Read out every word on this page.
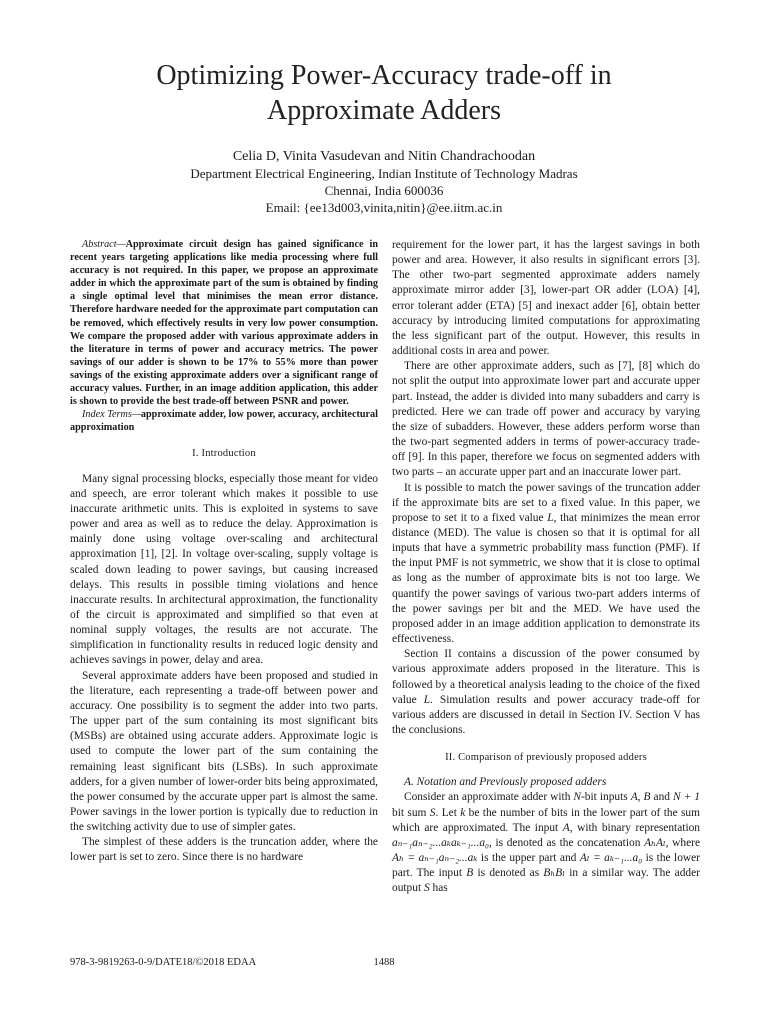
Optimizing Power-Accuracy trade-off in
Approximate Adders
Celia D, Vinita Vasudevan and Nitin Chandrachoodan
Department Electrical Engineering, Indian Institute of Technology Madras
Chennai, India 600036
Email: {ee13d003,vinita,nitin}@ee.iitm.ac.in

Abstract—Approximate circuit design has gained significance in recent years targeting applications like media processing where full accuracy is not required. In this paper, we propose an approximate adder in which the approximate part of the sum is obtained by finding a single optimal level that minimises the mean error distance. Therefore hardware needed for the approximate part computation can be removed, which effectively results in very low power consumption. We compare the proposed adder with various approximate adders in the literature in terms of power and accuracy metrics. The power savings of our adder is shown to be 17% to 55% more than power savings of the existing approximate adders over a significant range of accuracy values. Further, in an image addition application, this adder is shown to provide the best trade-off between PSNR and power.

Index Terms—approximate adder, low power, accuracy, architectural approximation

I. Introduction

Many signal processing blocks, especially those meant for video and speech, are error tolerant which makes it possible to use inaccurate arithmetic units. This is exploited in systems to save power and area as well as to reduce the delay. Approximation is mainly done using voltage over-scaling and architectural approximation [1], [2]. In voltage over-scaling, supply voltage is scaled down leading to power savings, but causing increased delays. This results in possible timing violations and hence inaccurate results. In architectural approximation, the functionality of the circuit is approximated and simplified so that even at nominal supply voltages, the results are not accurate. The simplification in functionality results in reduced logic density and achieves savings in power, delay and area.

Several approximate adders have been proposed and studied in the literature, each representing a trade-off between power and accuracy. One possibility is to segment the adder into two parts. The upper part of the sum containing its most significant bits (MSBs) are obtained using accurate adders. Approximate logic is used to compute the lower part of the sum containing the remaining least significant bits (LSBs). In such approximate adders, for a given number of lower-order bits being approximated, the power consumed by the accurate upper part is almost the same. Power savings in the lower portion is typically due to reduction in the switching activity due to use of simpler gates.

The simplest of these adders is the truncation adder, where the lower part is set to zero. Since there is no hardware

requirement for the lower part, it has the largest savings in both power and area. However, it also results in significant errors [3]. The other two-part segmented approximate adders namely approximate mirror adder [3], lower-part OR adder (LOA) [4], error tolerant adder (ETA) [5] and inexact adder [6], obtain better accuracy by introducing limited computations for approximating the less significant part of the output. However, this results in additional costs in area and power.

There are other approximate adders, such as [7], [8] which do not split the output into approximate lower part and accurate upper part. Instead, the adder is divided into many subadders and carry is predicted. Here we can trade off power and accuracy by varying the size of subadders. However, these adders perform worse than the two-part segmented adders in terms of power-accuracy trade-off [9]. In this paper, therefore we focus on segmented adders with two parts – an accurate upper part and an inaccurate lower part.

It is possible to match the power savings of the truncation adder if the approximate bits are set to a fixed value. In this paper, we propose to set it to a fixed value L, that minimizes the mean error distance (MED). The value is chosen so that it is optimal for all inputs that have a symmetric probability mass function (PMF). If the input PMF is not symmetric, we show that it is close to optimal as long as the number of approximate bits is not too large. We quantify the power savings of various two-part adders interms of the power savings per bit and the MED. We have used the proposed adder in an image addition application to demonstrate its effectiveness.

Section II contains a discussion of the power consumed by various approximate adders proposed in the literature. This is followed by a theoretical analysis leading to the choice of the fixed value L. Simulation results and power accuracy trade-off for various adders are discussed in detail in Section IV. Section V has the conclusions.

II. Comparison of previously proposed adders

A. Notation and Previously proposed adders

Consider an approximate adder with N-bit inputs A, B and N + 1 bit sum S. Let k be the number of bits in the lower part of the sum which are approximated. The input A, with binary representation aₙ₋₁aₙ₋₂...aₖaₖ₋₁...a₀, is denoted as the concatenation AₕAₗ, where Aₕ = aₙ₋₁aₙ₋₂...aₖ is the upper part and Aₗ = aₖ₋₁...a₀ is the lower part. The input B is denoted as BₕBₗ in a similar way. The adder output S has

978-3-9819263-0-9/DATE18/©2018 EDAA	1488
